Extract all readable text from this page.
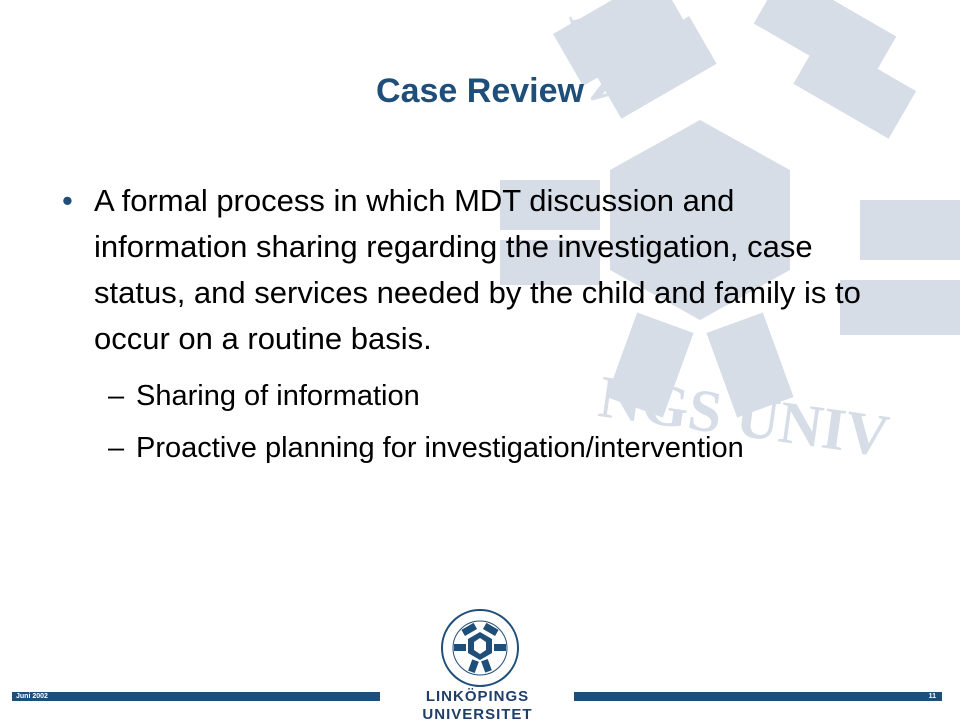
NGS UNIV
LIN
Case Review
• A formal process in which MDT discussion and information sharing regarding the investigation, case status, and services needed by the child and family is to occur on a routine basis.
– Sharing of information
– Proactive planning for investigation/intervention
Juni 2002	LINKÖPINGS UNIVERSITET
11
